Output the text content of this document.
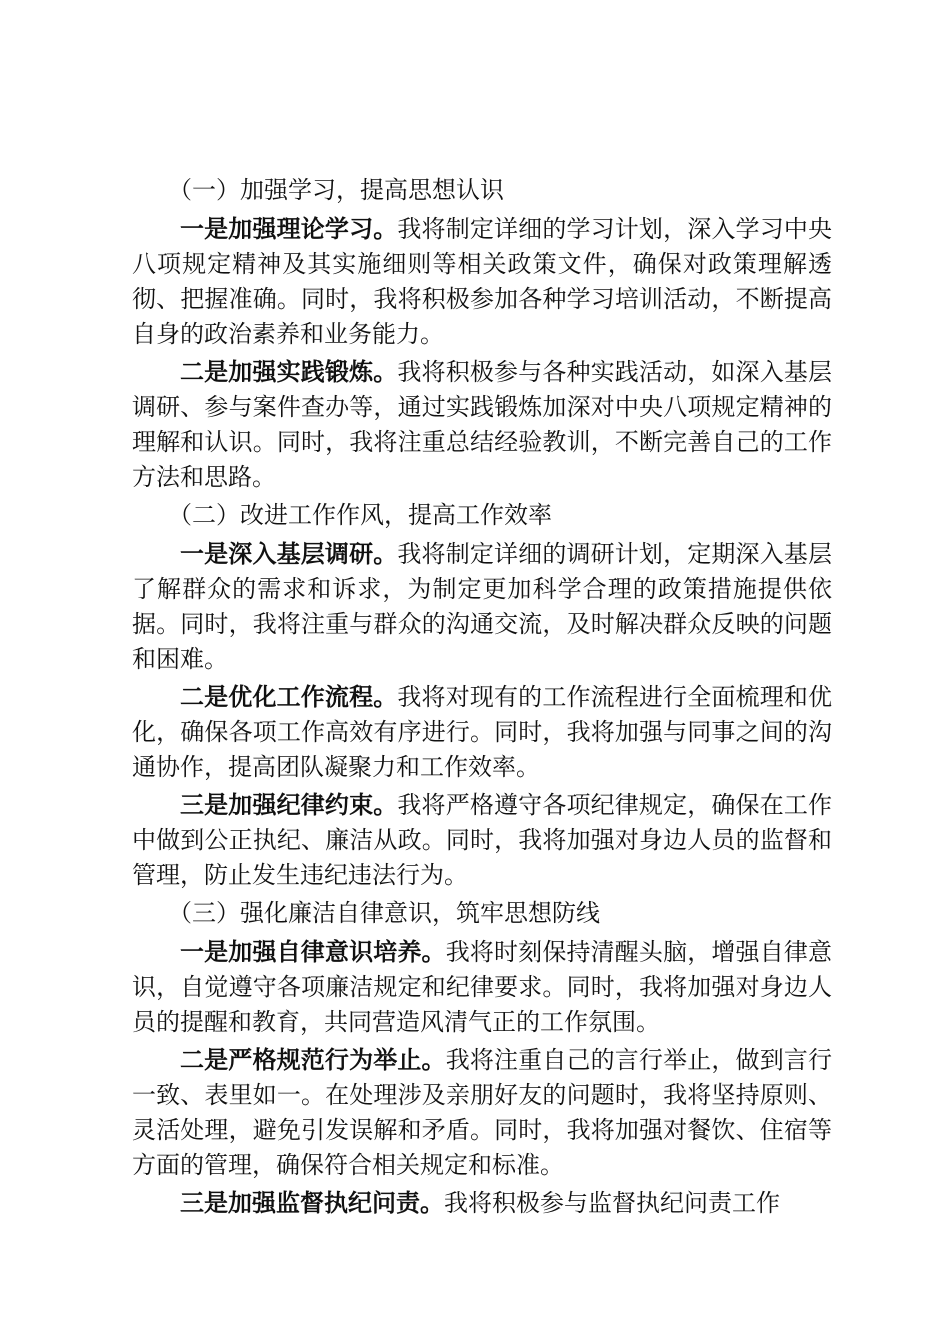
（一）加强学习，提高思想认识

一是加强理论学习。我将制定详细的学习计划，深入学习中央八项规定精神及其实施细则等相关政策文件，确保对政策理解透彻、把握准确。同时，我将积极参加各种学习培训活动，不断提高自身的政治素养和业务能力。

二是加强实践锻炼。我将积极参与各种实践活动，如深入基层调研、参与案件查办等，通过实践锻炼加深对中央八项规定精神的理解和认识。同时，我将注重总结经验教训，不断完善自己的工作方法和思路。

（二）改进工作作风，提高工作效率

一是深入基层调研。我将制定详细的调研计划，定期深入基层了解群众的需求和诉求，为制定更加科学合理的政策措施提供依据。同时，我将注重与群众的沟通交流，及时解决群众反映的问题和困难。

二是优化工作流程。我将对现有的工作流程进行全面梳理和优化，确保各项工作高效有序进行。同时，我将加强与同事之间的沟通协作，提高团队凝聚力和工作效率。

三是加强纪律约束。我将严格遵守各项纪律规定，确保在工作中做到公正执纪、廉洁从政。同时，我将加强对身边人员的监督和管理，防止发生违纪违法行为。

（三）强化廉洁自律意识，筑牢思想防线

一是加强自律意识培养。我将时刻保持清醒头脑，增强自律意识，自觉遵守各项廉洁规定和纪律要求。同时，我将加强对身边人员的提醒和教育，共同营造风清气正的工作氛围。

二是严格规范行为举止。我将注重自己的言行举止，做到言行一致、表里如一。在处理涉及亲朋好友的问题时，我将坚持原则、灵活处理，避免引发误解和矛盾。同时，我将加强对餐饮、住宿等方面的管理，确保符合相关规定和标准。

三是加强监督执纪问责。我将积极参与监督执纪问责工作
